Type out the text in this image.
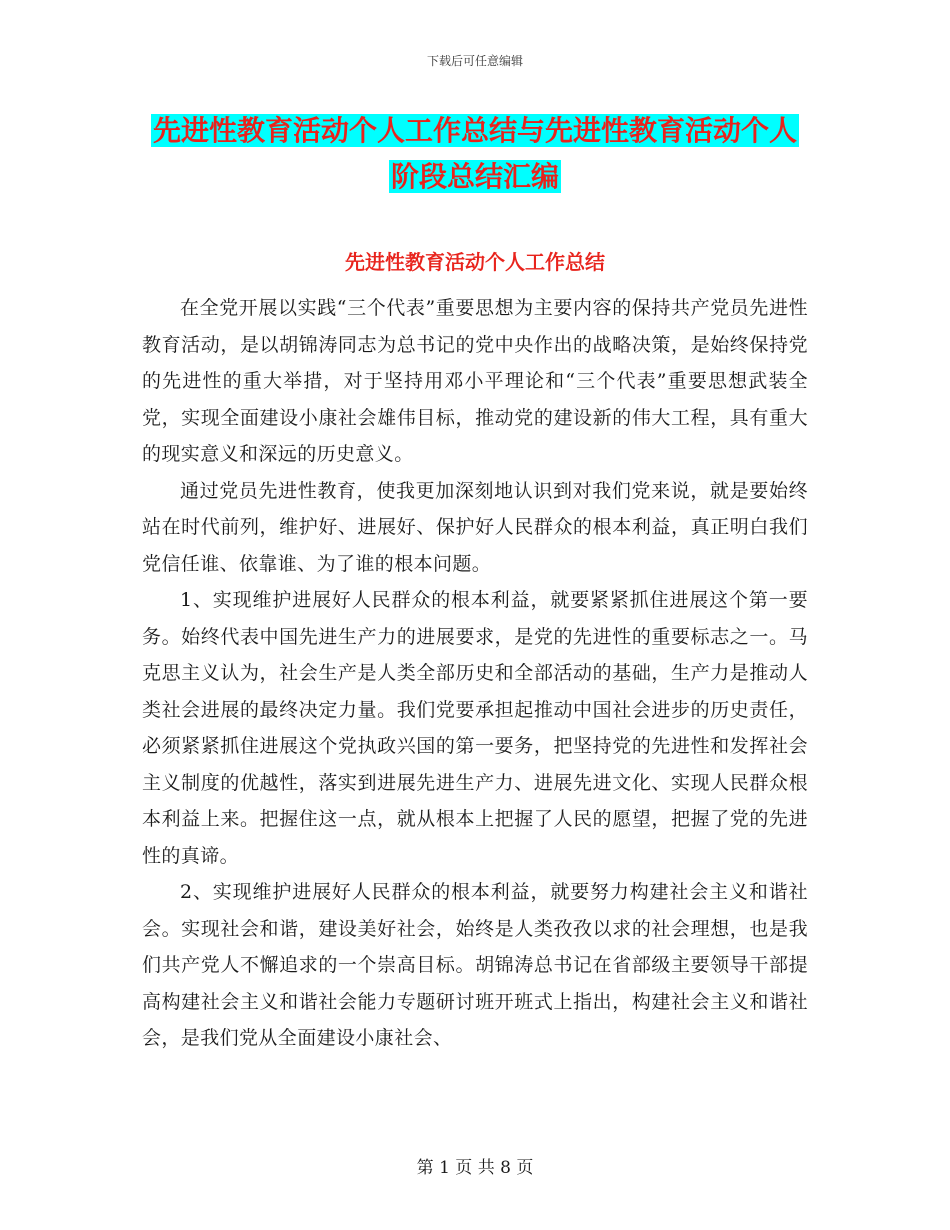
下载后可任意编辑
先进性教育活动个人工作总结与先进性教育活动个人
阶段总结汇编
先进性教育活动个人工作总结

在全党开展以实践“三个代表”重要思想为主要内容的保持共产党员先进性教育活动，是以胡锦涛同志为总书记的党中央作出的战略决策，是始终保持党的先进性的重大举措，对于坚持用邓小平理论和“三个代表”重要思想武装全党，实现全面建设小康社会雄伟目标，推动党的建设新的伟大工程，具有重大的现实意义和深远的历史意义。

通过党员先进性教育，使我更加深刻地认识到对我们党来说，就是要始终站在时代前列，维护好、进展好、保护好人民群众的根本利益，真正明白我们党信任谁、依靠谁、为了谁的根本问题。

1、实现维护进展好人民群众的根本利益，就要紧紧抓住进展这个第一要务。始终代表中国先进生产力的进展要求，是党的先进性的重要标志之一。马克思主义认为，社会生产是人类全部历史和全部活动的基础，生产力是推动人类社会进展的最终决定力量。我们党要承担起推动中国社会进步的历史责任，必须紧紧抓住进展这个党执政兴国的第一要务，把坚持党的先进性和发挥社会主义制度的优越性，落实到进展先进生产力、进展先进文化、实现人民群众根本利益上来。把握住这一点，就从根本上把握了人民的愿望，把握了党的先进性的真谛。

2、实现维护进展好人民群众的根本利益，就要努力构建社会主义和谐社会。实现社会和谐，建设美好社会，始终是人类孜孜以求的社会理想，也是我们共产党人不懈追求的一个崇高目标。胡锦涛总书记在省部级主要领导干部提高构建社会主义和谐社会能力专题研讨班开班式上指出，构建社会主义和谐社会，是我们党从全面建设小康社会、

第 1 页 共 8 页
